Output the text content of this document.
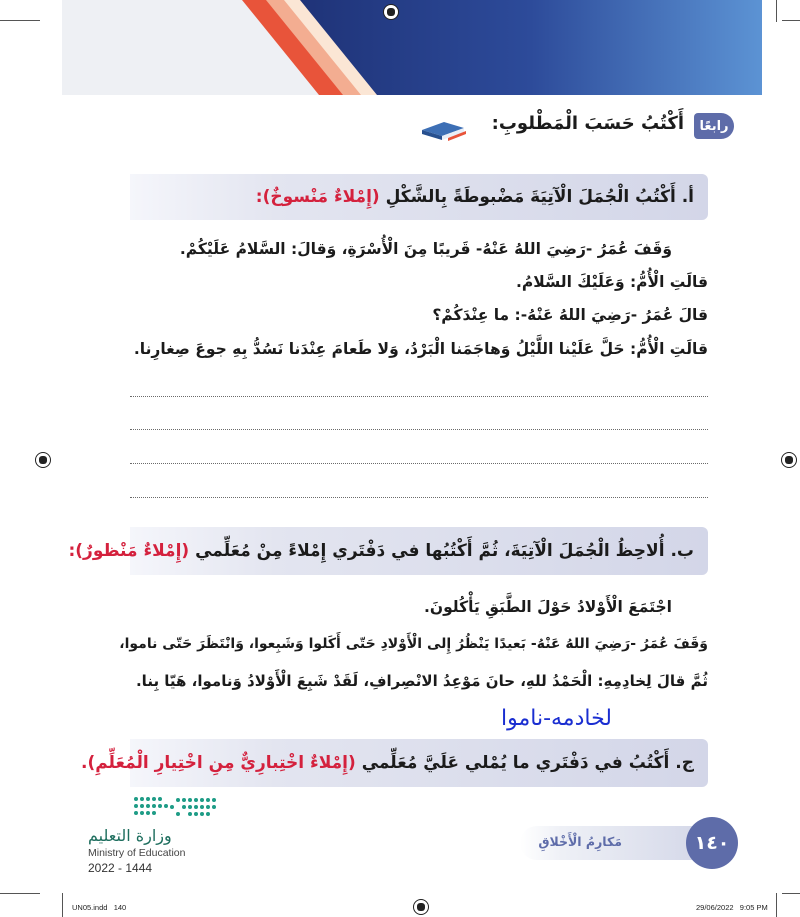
رابعًا
أَكْتُبُ حَسَبَ الْمَطْلوبِ:
أ. أَكْتُبُ الْجُمَلَ الْآتِيَةَ مَضْبوطَةً بِالشَّكْلِ

(إِمْلاءٌ مَنْسوخٌ):
وَقَفَ عُمَرُ -رَضِيَ اللهُ عَنْهُ- قَريبًا مِنَ الْأُسْرَةِ، وَقالَ: السَّلامُ عَلَيْكُمْ.
قالَتِ الْأُمُّ: وَعَلَيْكَ السَّلامُ.
قالَ عُمَرُ -رَضِيَ اللهُ عَنْهُ-: ما عِنْدَكُمْ؟
قالَتِ الْأُمُّ: حَلَّ عَلَيْنا اللَّيْلُ وَهاجَمَنا الْبَرْدُ، وَلا طَعامَ عِنْدَنا نَسُدُّ بِهِ جوعَ صِغارِنا.
ب. أُلاحِظُ الْجُمَلَ الْآتِيَةَ، ثُمَّ أَكْتُبُها في دَفْتَري إِمْلاءً مِنْ مُعَلِّمي

(إِمْلاءٌ مَنْظورٌ):
اجْتَمَعَ الْأَوْلادُ حَوْلَ الطَّبَقِ يَأْكُلونَ.
وَقَفَ عُمَرُ -رَضِيَ اللهُ عَنْهُ- بَعيدًا يَنْظُرُ إِلى الْأَوْلادِ حَتّى أَكَلوا وَشَبِعوا، وَانْتَظَرَ حَتّى ناموا،
ثُمَّ قالَ لِخادِمِهِ: الْحَمْدُ للهِ، حانَ مَوْعِدُ الانْصِرافِ، لَقَدْ شَبِعَ الْأَوْلادُ وَناموا، هَيّا بِنا.
لخادمه-ناموا
ج. أَكْتُبُ في دَفْتَري ما يُمْلي عَلَيَّ مُعَلِّمي

(إِمْلاءٌ اخْتِبارِيٌّ مِنِ اخْتِيارِ الْمُعَلِّمِ).
وزارة التعليم
Ministry of Education
2022 - 1444
مَكارِمُ الْأَخْلاقِ	١٤٠
UN05.indd   140	29/06/2022   9:05 PM
